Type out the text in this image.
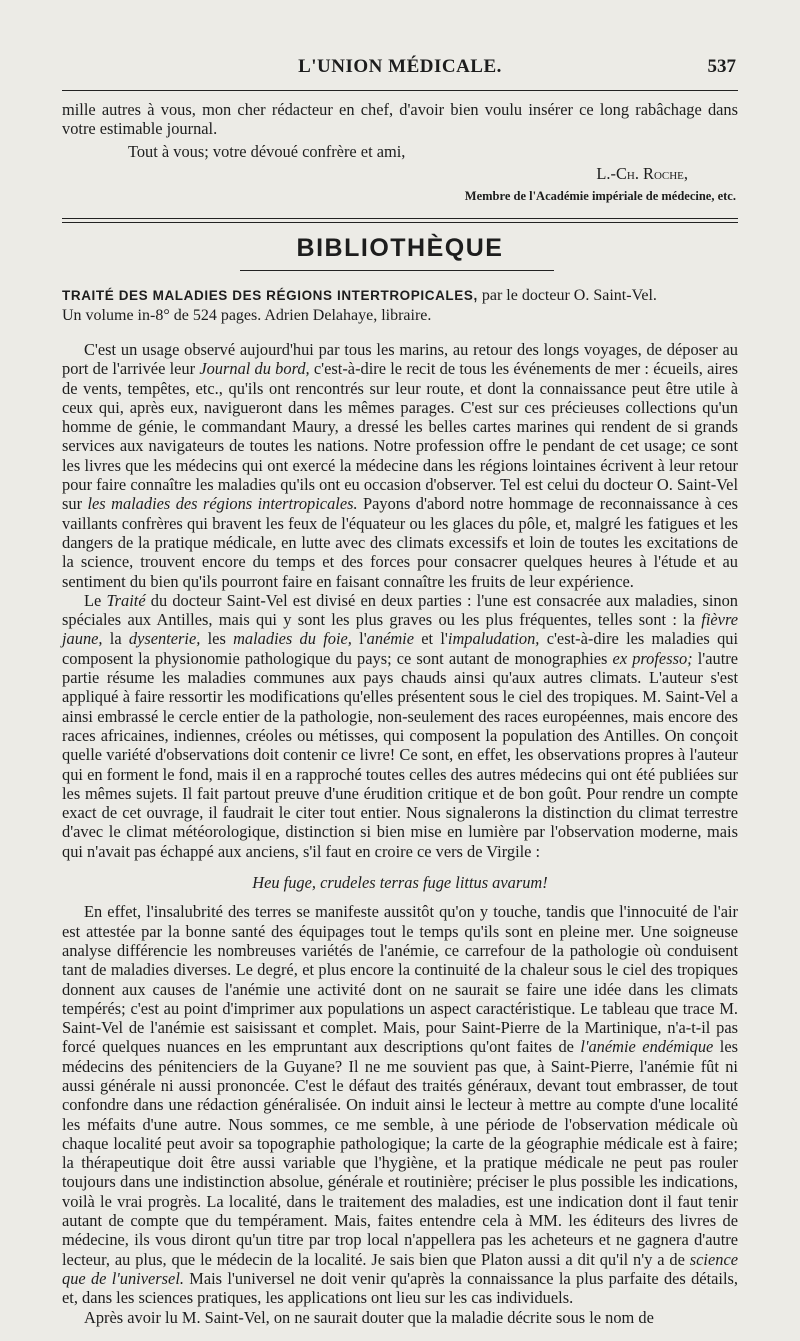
L'UNION MÉDICALE.	537

mille autres à vous, mon cher rédacteur en chef, d'avoir bien voulu insérer ce long rabâchage dans votre estimable journal.

Tout à vous; votre dévoué confrère et ami,

L.-Ch. Roche,

Membre de l'Académie impériale de médecine, etc.

BIBLIOTHÈQUE

TRAITÉ DES MALADIES DES RÉGIONS INTERTROPICALES, par le docteur O. Saint-Vel.

Un volume in-8° de 524 pages. Adrien Delahaye, libraire.

C'est un usage observé aujourd'hui par tous les marins, au retour des longs voyages, de déposer au port de l'arrivée leur Journal du bord, c'est-à-dire le recit de tous les événements de mer : écueils, aires de vents, tempêtes, etc., qu'ils ont rencontrés sur leur route, et dont la connaissance peut être utile à ceux qui, après eux, navigueront dans les mêmes parages. C'est sur ces précieuses collections qu'un homme de génie, le commandant Maury, a dressé les belles cartes marines qui rendent de si grands services aux navigateurs de toutes les nations. Notre profession offre le pendant de cet usage; ce sont les livres que les médecins qui ont exercé la médecine dans les régions lointaines écrivent à leur retour pour faire connaître les maladies qu'ils ont eu occasion d'observer. Tel est celui du docteur O. Saint-Vel sur les maladies des régions intertropicales. Payons d'abord notre hommage de reconnaissance à ces vaillants confrères qui bravent les feux de l'équateur ou les glaces du pôle, et, malgré les fatigues et les dangers de la pratique médicale, en lutte avec des climats excessifs et loin de toutes les excitations de la science, trouvent encore du temps et des forces pour consacrer quelques heures à l'étude et au sentiment du bien qu'ils pourront faire en faisant connaître les fruits de leur expérience.

Le Traité du docteur Saint-Vel est divisé en deux parties : l'une est consacrée aux maladies, sinon spéciales aux Antilles, mais qui y sont les plus graves ou les plus fréquentes, telles sont : la fièvre jaune, la dysenterie, les maladies du foie, l'anémie et l'impaludation, c'est-à-dire les maladies qui composent la physionomie pathologique du pays; ce sont autant de monographies ex professo; l'autre partie résume les maladies communes aux pays chauds ainsi qu'aux autres climats. L'auteur s'est appliqué à faire ressortir les modifications qu'elles présentent sous le ciel des tropiques. M. Saint-Vel a ainsi embrassé le cercle entier de la pathologie, non-seulement des races européennes, mais encore des races africaines, indiennes, créoles ou métisses, qui composent la population des Antilles. On conçoit quelle variété d'observations doit contenir ce livre! Ce sont, en effet, les observations propres à l'auteur qui en forment le fond, mais il en a rapproché toutes celles des autres médecins qui ont été publiées sur les mêmes sujets. Il fait partout preuve d'une érudition critique et de bon goût. Pour rendre un compte exact de cet ouvrage, il faudrait le citer tout entier. Nous signalerons la distinction du climat terrestre d'avec le climat météorologique, distinction si bien mise en lumière par l'observation moderne, mais qui n'avait pas échappé aux anciens, s'il faut en croire ce vers de Virgile :

Heu fuge, crudeles terras fuge littus avarum!

En effet, l'insalubrité des terres se manifeste aussitôt qu'on y touche, tandis que l'innocuité de l'air est attestée par la bonne santé des équipages tout le temps qu'ils sont en pleine mer. Une soigneuse analyse différencie les nombreuses variétés de l'anémie, ce carrefour de la pathologie où conduisent tant de maladies diverses. Le degré, et plus encore la continuité de la chaleur sous le ciel des tropiques donnent aux causes de l'anémie une activité dont on ne saurait se faire une idée dans les climats tempérés; c'est au point d'imprimer aux populations un aspect caractéristique. Le tableau que trace M. Saint-Vel de l'anémie est saisissant et complet. Mais, pour Saint-Pierre de la Martinique, n'a-t-il pas forcé quelques nuances en les empruntant aux descriptions qu'ont faites de l'anémie endémique les médecins des pénitenciers de la Guyane? Il ne me souvient pas que, à Saint-Pierre, l'anémie fût ni aussi générale ni aussi prononcée. C'est le défaut des traités généraux, devant tout embrasser, de tout confondre dans une rédaction généralisée. On induit ainsi le lecteur à mettre au compte d'une localité les méfaits d'une autre. Nous sommes, ce me semble, à une période de l'observation médicale où chaque localité peut avoir sa topographie pathologique; la carte de la géographie médicale est à faire; la thérapeutique doit être aussi variable que l'hygiène, et la pratique médicale ne peut pas rouler toujours dans une indistinction absolue, générale et routinière; préciser le plus possible les indications, voilà le vrai progrès. La localité, dans le traitement des maladies, est une indication dont il faut tenir autant de compte que du tempérament. Mais, faites entendre cela à MM. les éditeurs des livres de médecine, ils vous diront qu'un titre par trop local n'appellera pas les acheteurs et ne gagnera d'autre lecteur, au plus, que le médecin de la localité. Je sais bien que Platon aussi a dit qu'il n'y a de science que de l'universel. Mais l'universel ne doit venir qu'après la connaissance la plus parfaite des détails, et, dans les sciences pratiques, les applications ont lieu sur les cas individuels.

Après avoir lu M. Saint-Vel, on ne saurait douter que la maladie décrite sous le nom de
